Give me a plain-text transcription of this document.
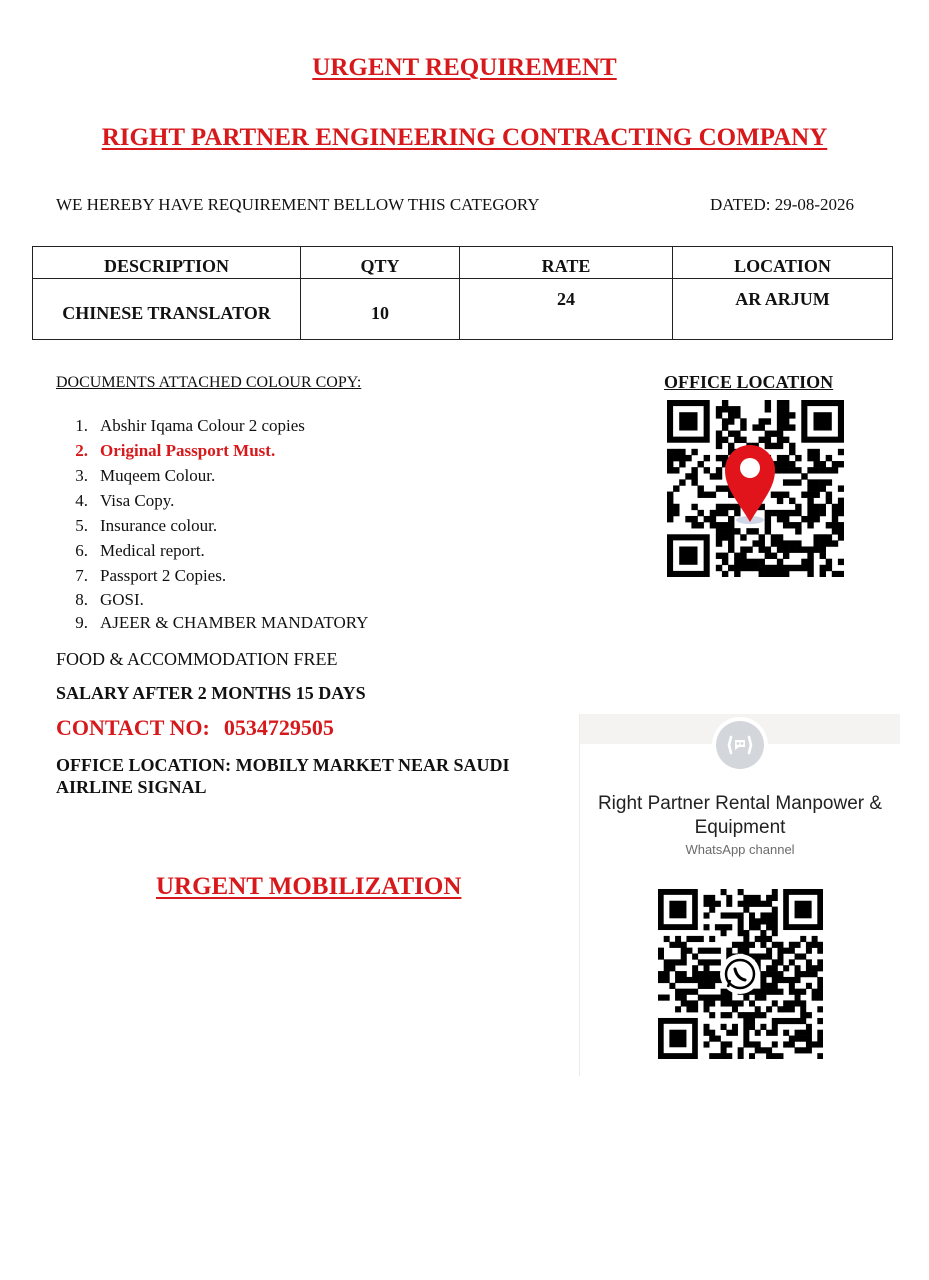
URGENT REQUIREMENT
RIGHT PARTNER ENGINEERING CONTRACTING COMPANY
WE HEREBY HAVE REQUIREMENT BELLOW THIS CATEGORY	DATED: 29-08-2026
DESCRIPTION	QTY	RATE	LOCATION
CHINESE TRANSLATOR	10	24	AR ARJUM
DOCUMENTS ATTACHED COLOUR COPY:
1. Abshir Iqama Colour 2 copies
2. Original Passport Must.
3. Muqeem Colour.
4. Visa Copy.
5. Insurance colour.
6. Medical report.
7. Passport 2 Copies.
8. GOSI.
9. AJEER & CHAMBER MANDATORY
FOOD & ACCOMMODATION FREE
SALARY AFTER 2 MONTHS 15 DAYS
CONTACT NO: 0534729505
OFFICE LOCATION: MOBILY MARKET NEAR SAUDI AIRLINE SIGNAL
URGENT MOBILIZATION
OFFICE LOCATION
Right Partner Rental Manpower & Equipment
WhatsApp channel
